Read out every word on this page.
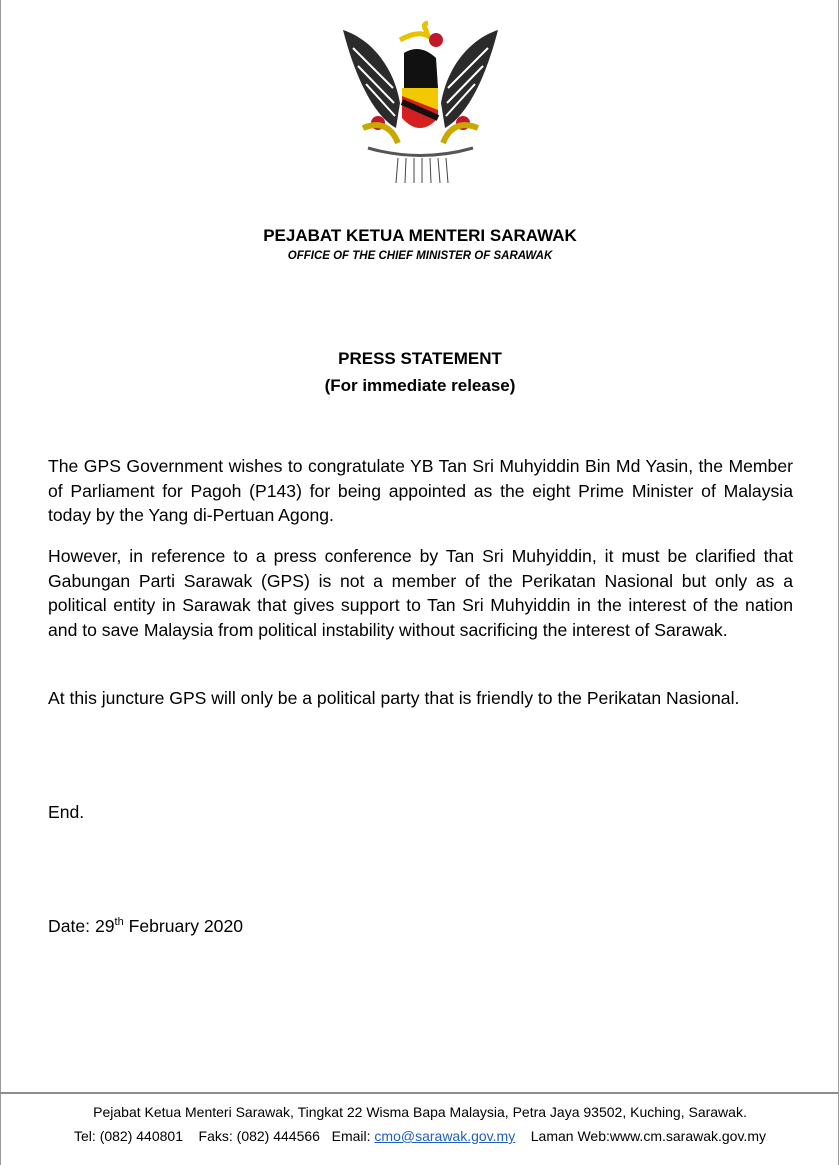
PEJABAT KETUA MENTERI SARAWAK
OFFICE OF THE CHIEF MINISTER OF SARAWAK
PRESS STATEMENT
(For immediate release)
The GPS Government wishes to congratulate YB Tan Sri Muhyiddin Bin Md Yasin, the Member of Parliament for Pagoh (P143) for being appointed as the eight Prime Minister of Malaysia today by the Yang di-Pertuan Agong.
However, in reference to a press conference by Tan Sri Muhyiddin, it must be clarified that Gabungan Parti Sarawak (GPS) is not a member of the Perikatan Nasional but only as a political entity in Sarawak that gives support to Tan Sri Muhyiddin in the interest of the nation and to save Malaysia from political instability without sacrificing the interest of Sarawak.
At this juncture GPS will only be a political party that is friendly to the Perikatan Nasional.
End.
Date: 29th February 2020
Pejabat Ketua Menteri Sarawak, Tingkat 22 Wisma Bapa Malaysia, Petra Jaya 93502, Kuching, Sarawak.
Tel: (082) 440801 Faks: (082) 444566 Email: cmo@sarawak.gov.my Laman Web:www.cm.sarawak.gov.my
